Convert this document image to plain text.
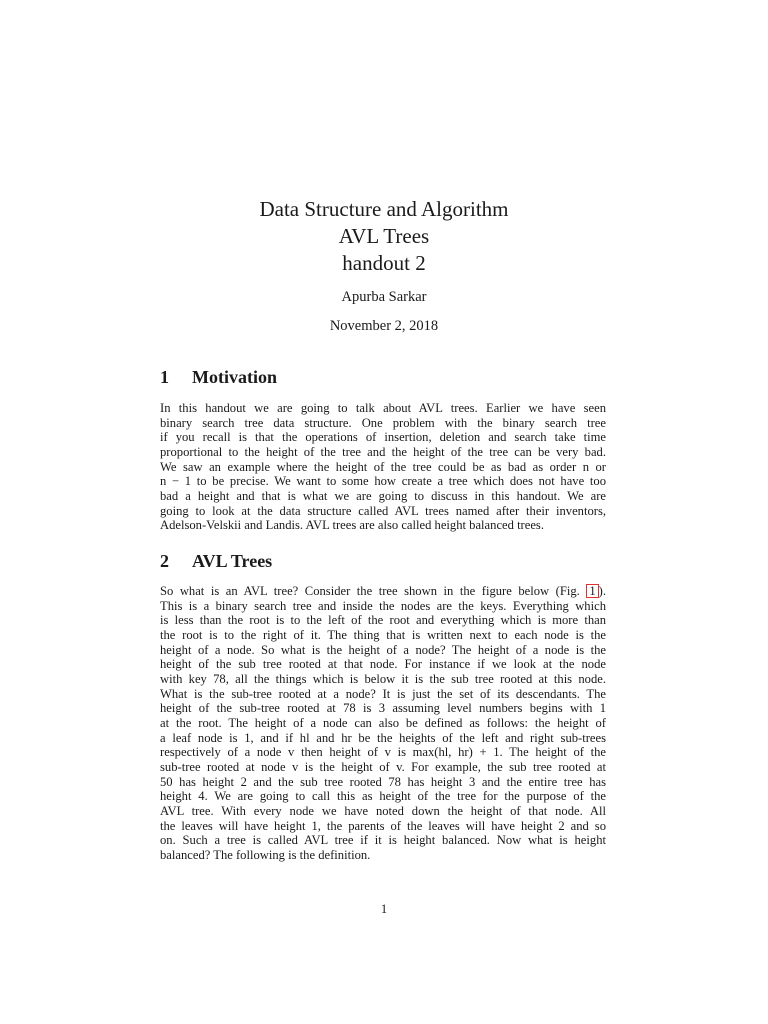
Data Structure and Algorithm
AVL Trees
handout 2
Apurba Sarkar
November 2, 2018
1 Motivation
In this handout we are going to talk about AVL trees. Earlier we have seen
binary search tree data structure. One problem with the binary search tree
if you recall is that the operations of insertion, deletion and search take time
proportional to the height of the tree and the height of the tree can be very bad.
We saw an example where the height of the tree could be as bad as order n or
n − 1 to be precise. We want to some how create a tree which does not have too
bad a height and that is what we are going to discuss in this handout. We are
going to look at the data structure called AVL trees named after their inventors,
Adelson-Velskii and Landis. AVL trees are also called height balanced trees.
2 AVL Trees
So what is an AVL tree? Consider the tree shown in the figure below (Fig. 1 ).
This is a binary search tree and inside the nodes are the keys. Everything which
is less than the root is to the left of the root and everything which is more than
the root is to the right of it. The thing that is written next to each node is the
height of a node. So what is the height of a node? The height of a node is the
height of the sub tree rooted at that node. For instance if we look at the node
with key 78, all the things which is below it is the sub tree rooted at this node.
What is the sub-tree rooted at a node? It is just the set of its descendants. The
height of the sub-tree rooted at 78 is 3 assuming level numbers begins with 1
at the root. The height of a node can also be defined as follows: the height of
a leaf node is 1, and if hl and hr be the heights of the left and right sub-trees
respectively of a node v then height of v is max(hl, hr) + 1. The height of the
sub-tree rooted at node v is the height of v. For example, the sub tree rooted at
50 has height 2 and the sub tree rooted 78 has height 3 and the entire tree has
height 4. We are going to call this as height of the tree for the purpose of the
AVL tree. With every node we have noted down the height of that node. All
the leaves will have height 1, the parents of the leaves will have height 2 and so
on. Such a tree is called AVL tree if it is height balanced. Now what is height
balanced? The following is the definition.
1
